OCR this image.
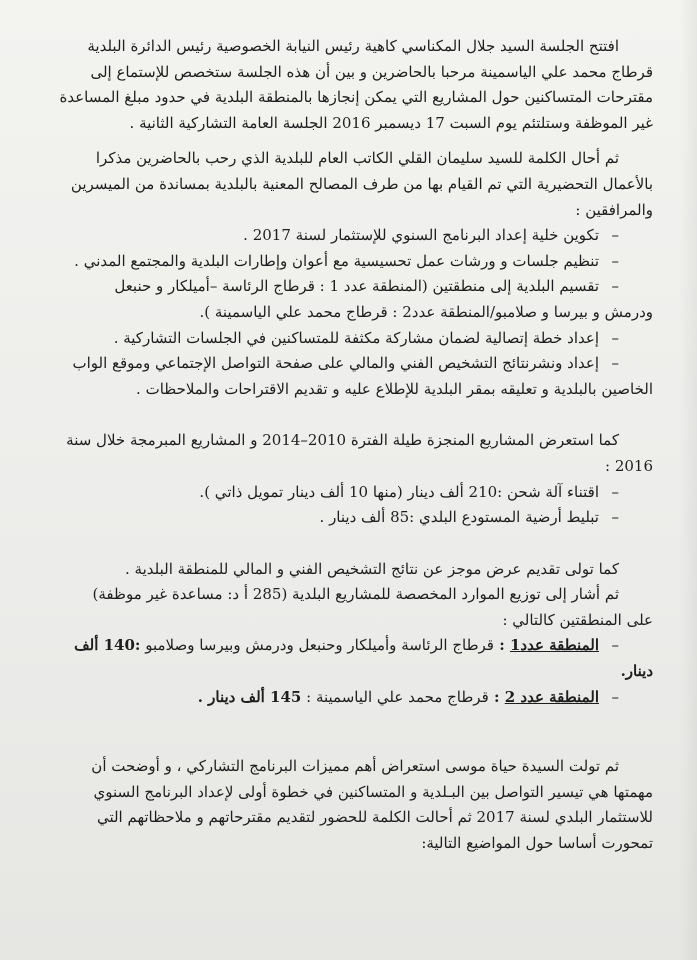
افتتح الجلسة السيد جلال المكناسي كاهية رئيس النيابة الخصوصية رئيس الدائرة البلدية

قرطاج محمد علي الياسمينة مرحبا بالحاضرين و بين أن هذه الجلسة ستخصص للإستماع إلى

مقترحات المتساكنين حول المشاريع التي يمكن إنجازها بالمنطقة البلدية في حدود مبلغ المساعدة

غير الموظفة وستلتئم يوم السبت 17 ديسمبر 2016 الجلسة العامة التشاركية الثانية .

ثم أحال الكلمة للسيد سليمان القلي الكاتب العام للبلدية الذي رحب بالحاضرين مذكرا

بالأعمال التحضيرية التي تم القيام بها من طرف المصالح المعنية بالبلدية بمساندة من الميسرين

والمرافقين :

–تكوين خلية إعداد البرنامج السنوي للإستثمار لسنة 2017 .
–تنظيم جلسات و ورشات عمل تحسيسية مع أعوان وإطارات البلدية والمجتمع المدني .
–تقسيم البلدية إلى منطقتين (المنطقة عدد 1 : قرطاج الرئاسة –أميلكار و حنبعل
ودرمش و بيرسا و صلامبو/المنطقة عدد2 : قرطاج محمد علي الياسمينة ).
–إعداد خطة إتصالية لضمان مشاركة مكثفة للمتساكنين في الجلسات التشاركية .
–إعداد ونشرنتائج التشخيص الفني والمالي على صفحة التواصل الإجتماعي وموقع الواب
الخاصين بالبلدية و تعليقه بمقر البلدية للإطلاع عليه و تقديم الاقتراحات والملاحظات .

كما استعرض المشاريع المنجزة طيلة الفترة 2010–2014 و المشاريع المبرمجة خلال سنة

2016 :

–اقتناء آلة شحن :210 ألف دينار (منها 10 ألف دينار تمويل ذاتي ).
–تبليط أرضية المستودع البلدي :85 ألف دينار .

كما تولى تقديم عرض موجز عن نتائج التشخيص الفني و المالي للمنطقة البلدية .

ثم أشار إلى توزيع الموارد المخصصة للمشاريع البلدية (285 أ د: مساعدة غير موظفة)

على المنطقتين كالتالي :

–المنطقة عدد1 : قرطاج الرئاسة وأميلكار وحنبعل ودرمش وبيرسا وصلامبو :140 ألف
دينار.
–المنطقة عدد 2 : قرطاج محمد علي الياسمينة : 145 ألف دينار .

ثم تولت السيدة حياة موسى استعراض أهم مميزات البرنامج التشاركي ، و أوضحت أن

مهمتها هي تيسير التواصل بين البـلدية و المتساكنين في خطوة أولى لإعداد البرنامج السنوي

للاستثمار البلدي لسنة 2017 ثم أحالت الكلمة للحضور لتقديم مقترحاتهم و ملاحظاتهم التي

تمحورت أساسا حول المواضيع التالية:
